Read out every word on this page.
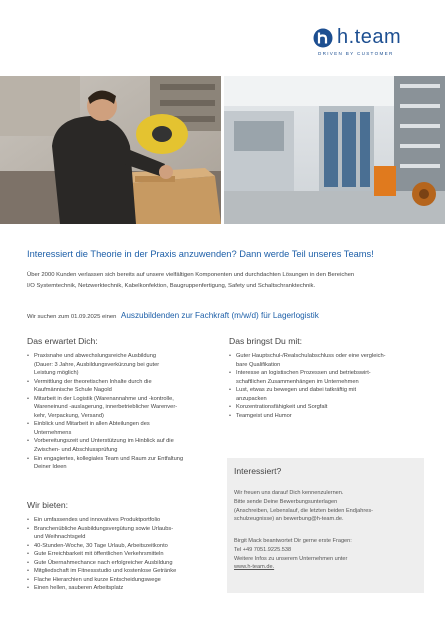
h.team
DRIVEN BY CUSTOMER
Interessiert die Theorie in der Praxis anzuwenden? Dann werde Teil unseres Teams!
Über 2000 Kunden verlassen sich bereits auf unsere vielfältigen Komponenten und durchdachten Lösungen in den Bereichen
I/O Systemtechnik, Netzwerktechnik, Kabelkonfektion, Baugruppenfertigung, Safety und Schaltschranktechnik.
Wir suchen zum 01.09.2025 einen Auszubildenden zur Fachkraft (m/w/d) für Lagerlogistik
Das erwartet Dich:
• Praxisnahe und abwechslungsreiche Ausbildung
(Dauer: 3 Jahre, Ausbildungsverkürzung bei guter
Leistung möglich)
• Vermittlung der theoretischen Inhalte durch die
Kaufmännische Schule Nagold
• Mitarbeit in der Logistik (Warenannahme und -kontrolle,
Wareneinund -auslagerung, innerbetrieblicher Warenver-
kehr, Verpackung, Versand)
• Einblick und Mitarbeit in allen Abteilungen des
Unternehmens
• Vorbereitungszeit und Unterstützung im Hinblick auf die
Zwischen- und Abschlussprüfung
• Ein engagiertes, kollegiales Team und Raum zur Entfaltung
Deiner Ideen
Das bringst Du mit:
• Guter Hauptschul-/Realschulabschluss oder eine vergleich-
bare Qualifikation
• Interesse an logistischen Prozessen und betriebswirt-
schaftlichen Zusammenhängen im Unternehmen
• Lust, etwas zu bewegen und dabei tatkräftig mit
anzupacken
• Konzentrationsfähigkeit und Sorgfalt
• Teamgeist und Humor
Wir bieten:
• Ein umfassendes und innovatives Produktportfolio
• Branchenübliche Ausbildungsvergütung sowie Urlaubs-
und Weihnachtsgeld
• 40-Stunden-Woche, 30 Tage Urlaub, Arbeitszeitkonto
• Gute Erreichbarkeit mit öffentlichen Verkehrsmitteln
• Gute Übernahmechance nach erfolgreicher Ausbildung
• Mitgliedschaft im Fitnessstudio und kostenlose Getränke
• Flache Hierarchien und kurze Entscheidungswege
• Einen hellen, sauberen Arbeitsplatz
Interessiert?
Wir freuen uns darauf Dich kennenzulernen.
Bitte sende Deine Bewerbungsunterlagen
(Anschreiben, Lebenslauf, die letzten beiden Endjahres-
schulzeugnisse) an bewerbung@h-team.de.
Birgit Mack beantwortet Dir gerne erste Fragen:
Tel +49 7051.9225.538
Weitere Infos zu unserem Unternehmen unter
www.h-team.de.
